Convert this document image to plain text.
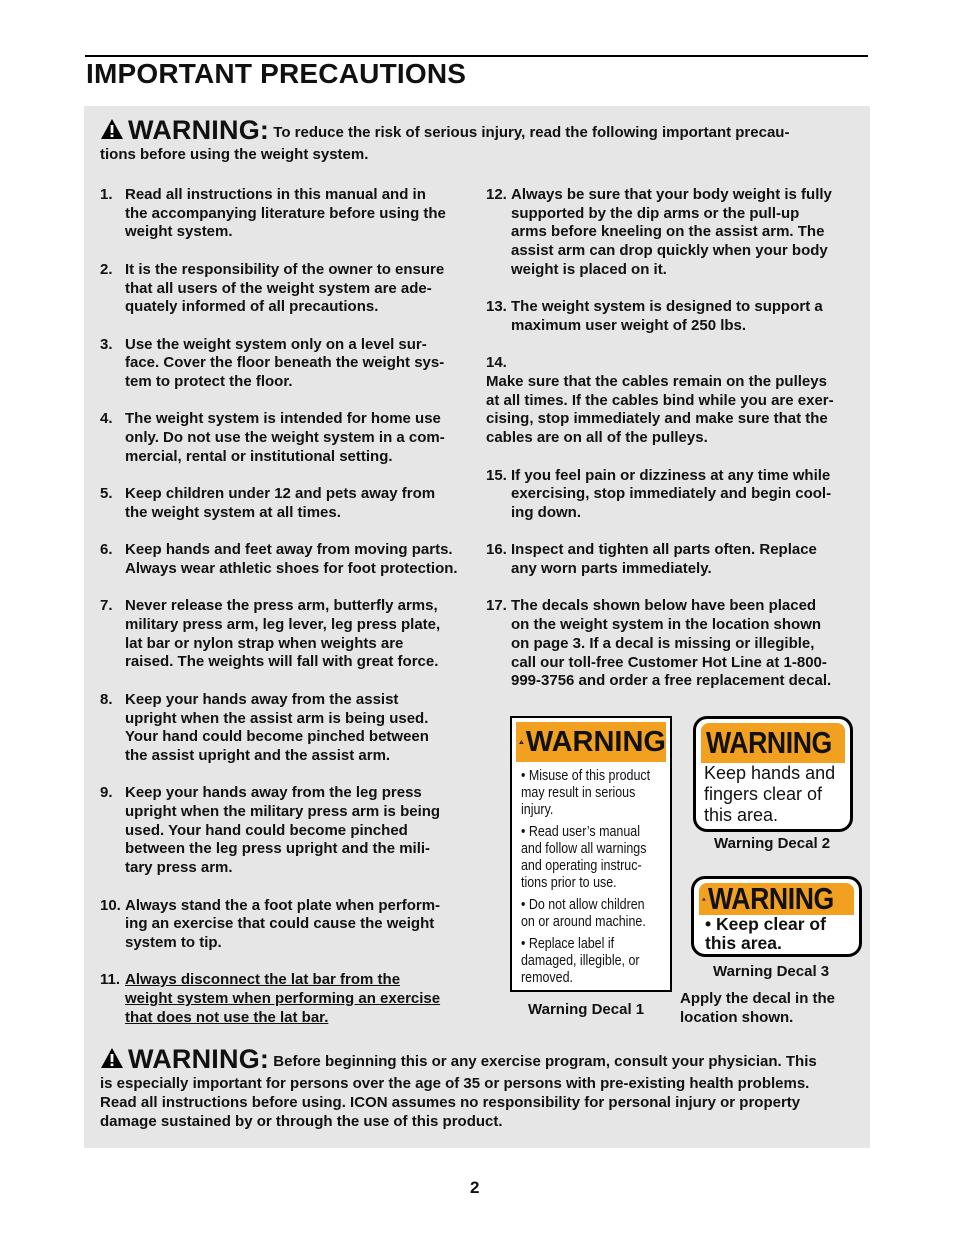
IMPORTANT PRECAUTIONS
WARNING: To reduce the risk of serious injury, read the following important precau-
tions before using the weight system.
1. Read all instructions in this manual and in
the accompanying literature before using the
weight system.
2. It is the responsibility of the owner to ensure
that all users of the weight system are ade-
quately informed of all precautions.
3. Use the weight system only on a level sur-
face. Cover the floor beneath the weight sys-
tem to protect the floor.
4. The weight system is intended for home use
only. Do not use the weight system in a com-
mercial, rental or institutional setting.
5. Keep children under 12 and pets away from
the weight system at all times.
6. Keep hands and feet away from moving parts.
Always wear athletic shoes for foot protection.
7. Never release the press arm, butterfly arms,
military press arm, leg lever, leg press plate,
lat bar or nylon strap when weights are
raised. The weights will fall with great force.
8. Keep your hands away from the assist
upright when the assist arm is being used.
Your hand could become pinched between
the assist upright and the assist arm.
9. Keep your hands away from the leg press
upright when the military press arm is being
used. Your hand could become pinched
between the leg press upright and the mili-
tary press arm.
10. Always stand the a foot plate when perform-
ing an exercise that could cause the weight
system to tip.
11. Always disconnect the lat bar from the
weight system when performing an exercise
that does not use the lat bar.
12. Always be sure that your body weight is fully
supported by the dip arms or the pull-up
arms before kneeling on the assist arm. The
assist arm can drop quickly when your body
weight is placed on it.
13. The weight system is designed to support a
maximum user weight of 250 lbs.
14.
Make sure that the cables remain on the pulleys
at all times. If the cables bind while you are exer-
cising, stop immediately and make sure that the
cables are on all of the pulleys.
15. If you feel pain or dizziness at any time while
exercising, stop immediately and begin cool-
ing down.
16. Inspect and tighten all parts often. Replace
any worn parts immediately.
17. The decals shown below have been placed
on the weight system in the location shown
on page 3. If a decal is missing or illegible,
call our toll-free Customer Hot Line at 1-800-
999-3756 and order a free replacement decal.
WARNING

• Misuse of this product
may result in serious
injury.

• Read user’s manual
and follow all warnings
and operating instruc-
tions prior to use.

• Do not allow children
on or around machine.

• Replace label if
damaged, illegible, or
removed.

Warning Decal 1
WARNING
Keep hands and
fingers clear of
this area.
Warning Decal 2
WARNING
• Keep clear of
this area.
Warning Decal 3
Apply the decal in the
location shown.
WARNING: Before beginning this or any exercise program, consult your physician. This
is especially important for persons over the age of 35 or persons with pre-existing health problems.
Read all instructions before using. ICON assumes no responsibility for personal injury or property
damage sustained by or through the use of this product.
2
